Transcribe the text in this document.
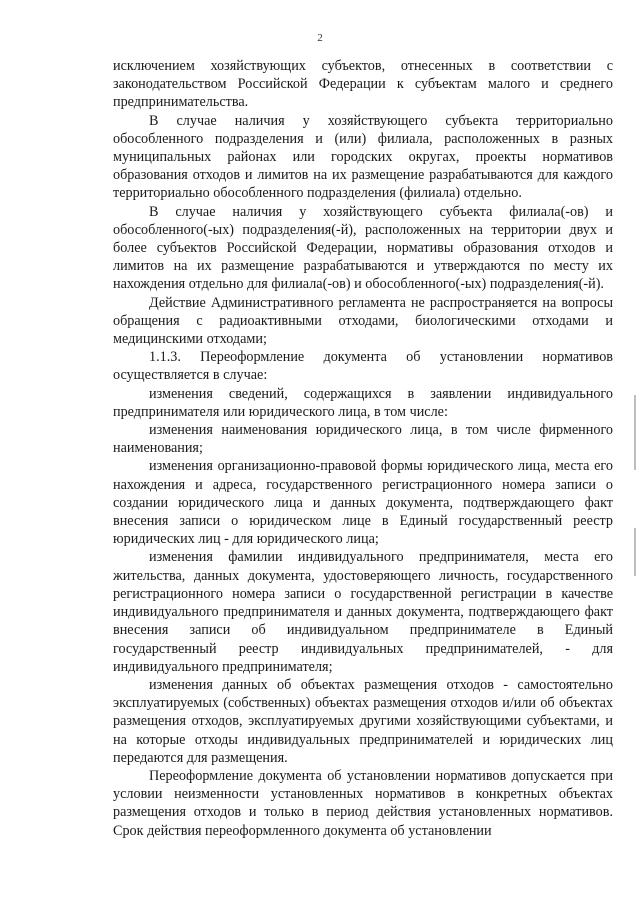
2

исключением хозяйствующих субъектов, отнесенных в соответствии с законодательством Российской Федерации к субъектам малого и среднего предпринимательства.

В случае наличия у хозяйствующего субъекта территориально обособленного подразделения и (или) филиала, расположенных в разных муниципальных районах или городских округах, проекты нормативов образования отходов и лимитов на их размещение разрабатываются для каждого территориально обособленного подразделения (филиала) отдельно.

В случае наличия у хозяйствующего субъекта филиала(-ов) и обособленного(-ых) подразделения(-й), расположенных на территории двух и более субъектов Российской Федерации, нормативы образования отходов и лимитов на их размещение разрабатываются и утверждаются по месту их нахождения отдельно для филиала(-ов) и обособленного(-ых) подразделения(-й).

Действие Административного регламента не распространяется на вопросы обращения с радиоактивными отходами, биологическими отходами и медицинскими отходами;

1.1.3. Переоформление документа об установлении нормативов осуществляется в случае:

изменения сведений, содержащихся в заявлении индивидуального предпринимателя или юридического лица, в том числе:

изменения наименования юридического лица, в том числе фирменного наименования;

изменения организационно-правовой формы юридического лица, места его нахождения и адреса, государственного регистрационного номера записи о создании юридического лица и данных документа, подтверждающего факт внесения записи о юридическом лице в Единый государственный реестр юридических лиц - для юридического лица;

изменения фамилии индивидуального предпринимателя, места его жительства, данных документа, удостоверяющего личность, государственного регистрационного номера записи о государственной регистрации в качестве индивидуального предпринимателя и данных документа, подтверждающего факт внесения записи об индивидуальном предпринимателе в Единый государственный реестр индивидуальных предпринимателей, - для индивидуального предпринимателя;

изменения данных об объектах размещения отходов - самостоятельно эксплуатируемых (собственных) объектах размещения отходов и/или об объектах размещения отходов, эксплуатируемых другими хозяйствующими субъектами, и на которые отходы индивидуальных предпринимателей и юридических лиц передаются для размещения.

Переоформление документа об установлении нормативов допускается при условии неизменности установленных нормативов в конкретных объектах размещения отходов и только в период действия установленных нормативов. Срок действия переоформленного документа об установлении
